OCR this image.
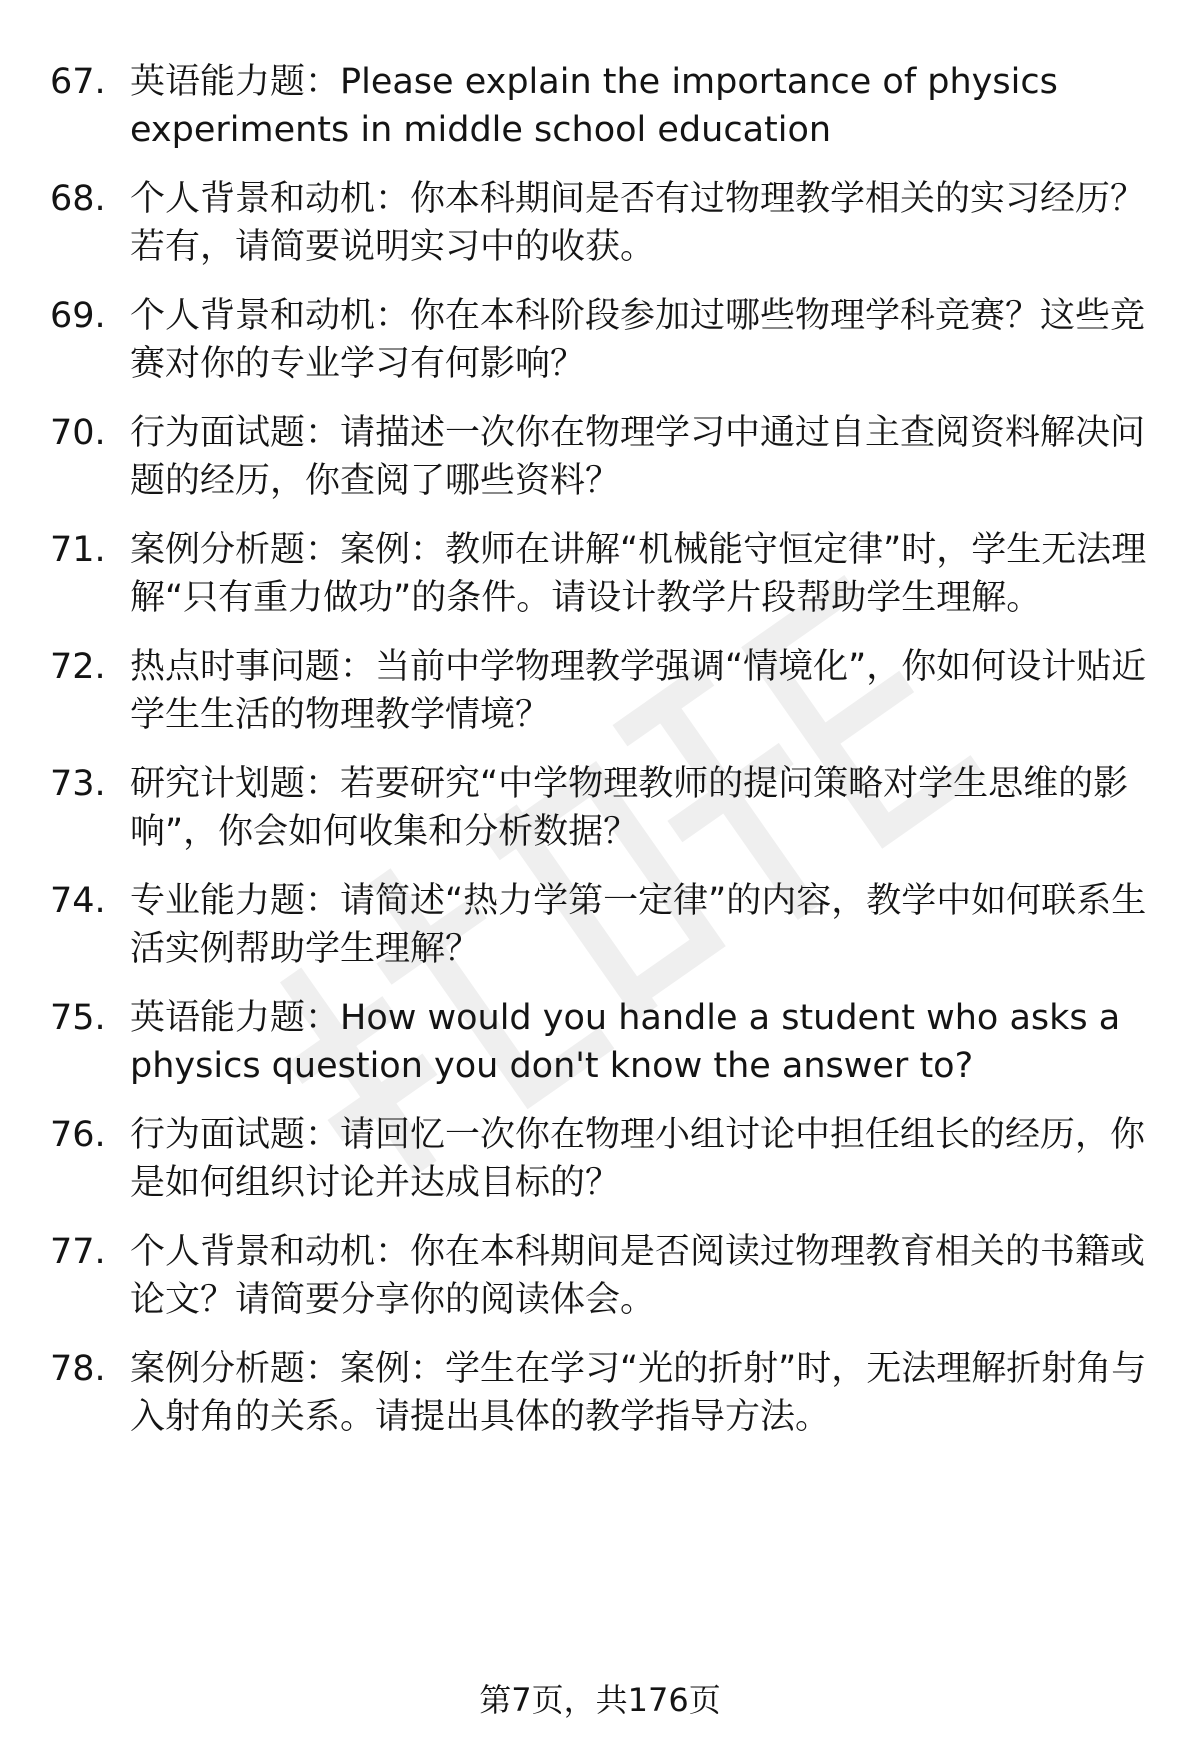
67. 英语能力题：Please explain the importance of physics experiments in middle school education
68. 个人背景和动机：你本科期间是否有过物理教学相关的实习经历？若有，请简要说明实习中的收获。
69. 个人背景和动机：你在本科阶段参加过哪些物理学科竞赛？这些竞赛对你的专业学习有何影响？
70. 行为面试题：请描述一次你在物理学习中通过自主查阅资料解决问题的经历，你查阅了哪些资料？
71. 案例分析题：案例：教师在讲解“机械能守恒定律”时，学生无法理解“只有重力做功”的条件。请设计教学片段帮助学生理解。
72. 热点时事问题：当前中学物理教学强调“情境化”，你如何设计贴近学生生活的物理教学情境？
73. 研究计划题：若要研究“中学物理教师的提问策略对学生思维的影响”，你会如何收集和分析数据？
74. 专业能力题：请简述“热力学第一定律”的内容，教学中如何联系生活实例帮助学生理解？
75. 英语能力题：How would you handle a student who asks a physics question you don't know the answer to?
76. 行为面试题：请回忆一次你在物理小组讨论中担任组长的经历，你是如何组织讨论并达成目标的？
77. 个人背景和动机：你在本科期间是否阅读过物理教育相关的书籍或论文？请简要分享你的阅读体会。
78. 案例分析题：案例：学生在学习“光的折射”时，无法理解折射角与入射角的关系。请提出具体的教学指导方法。
第7页，共176页
